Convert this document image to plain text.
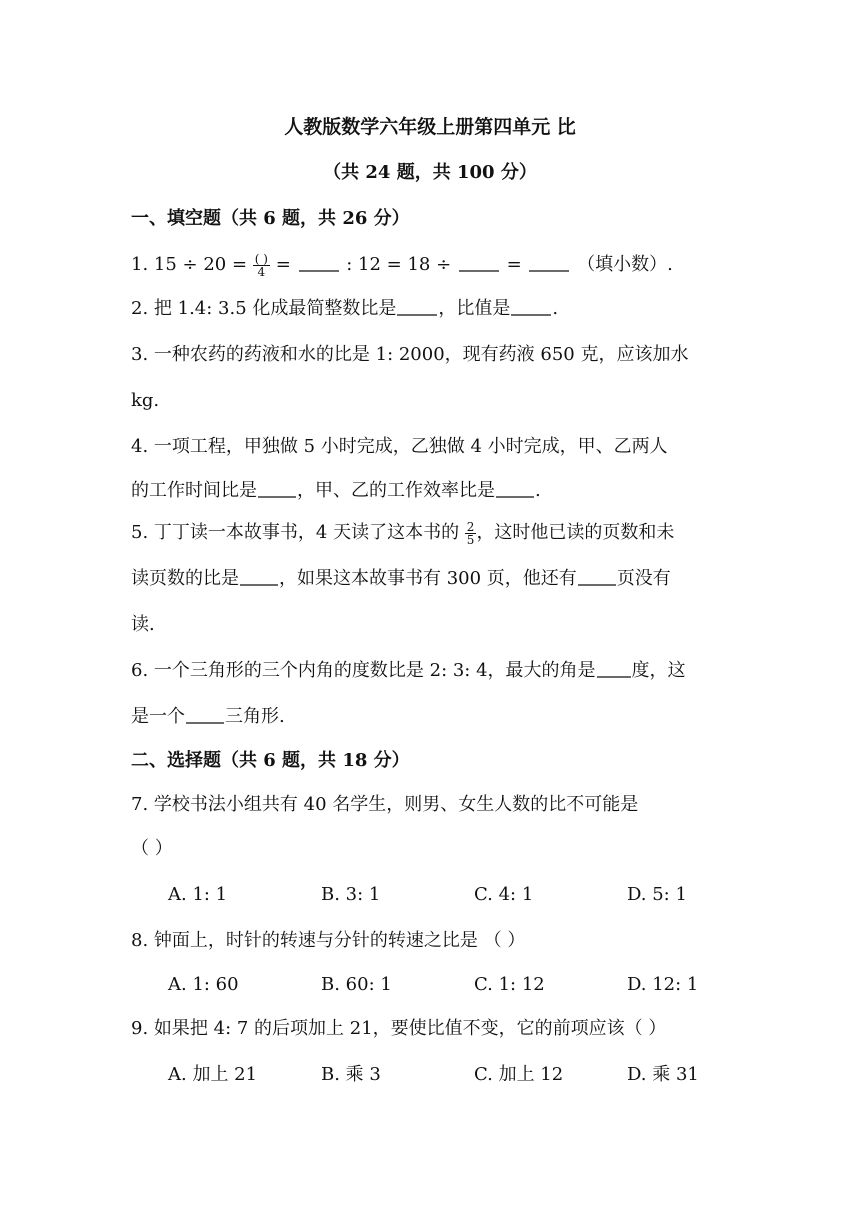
人教版数学六年级上册第四单元 比
（共 24 题，共 100 分）
一、填空题（共 6 题，共 26 分）
1. $15 \div 20 = \frac{( )}{4}$ =	: 12 = 18 ÷	=	（填小数）.
2. 把 1.4: 3.5 化成最简整数比是 ，比值是 .
3. 一种农药的药液和水的比是 1: 2000，现有药液 650 克，应该加水
kg.
4. 一项工程，甲独做 5 小时完成，乙独做 4 小时完成，甲、乙两人
的工作时间比是 ，甲、乙的工作效率比是 .
5. 丁丁读一本故事书，4 天读了这本书的 $\frac{2}{5}$ ，这时他已读的页数和未
读页数的比是 ，如果这本故事书有 300 页，他还有 页没有
读.
6. 一个三角形的三个内角的度数比是 2: 3: 4，最大的角是 度，这
是一个 三角形.
二、选择题（共 6 题，共 18 分）
7. 学校书法小组共有 40 名学生，则男、女生人数的比不可能是
（ ）
A. 1: 1	B. 3: 1	C. 4: 1	D. 5: 1
8. 钟面上，时针的转速与分针的转速之比是 （ ）
A. 1: 60	B. 60: 1	C. 1: 12	D. 12: 1
9. 如果把 4: 7 的后项加上 21，要使比值不变，它的前项应该（ ）
A. 加上 21	B. 乘 3	C. 加上 12	D. 乘 31
